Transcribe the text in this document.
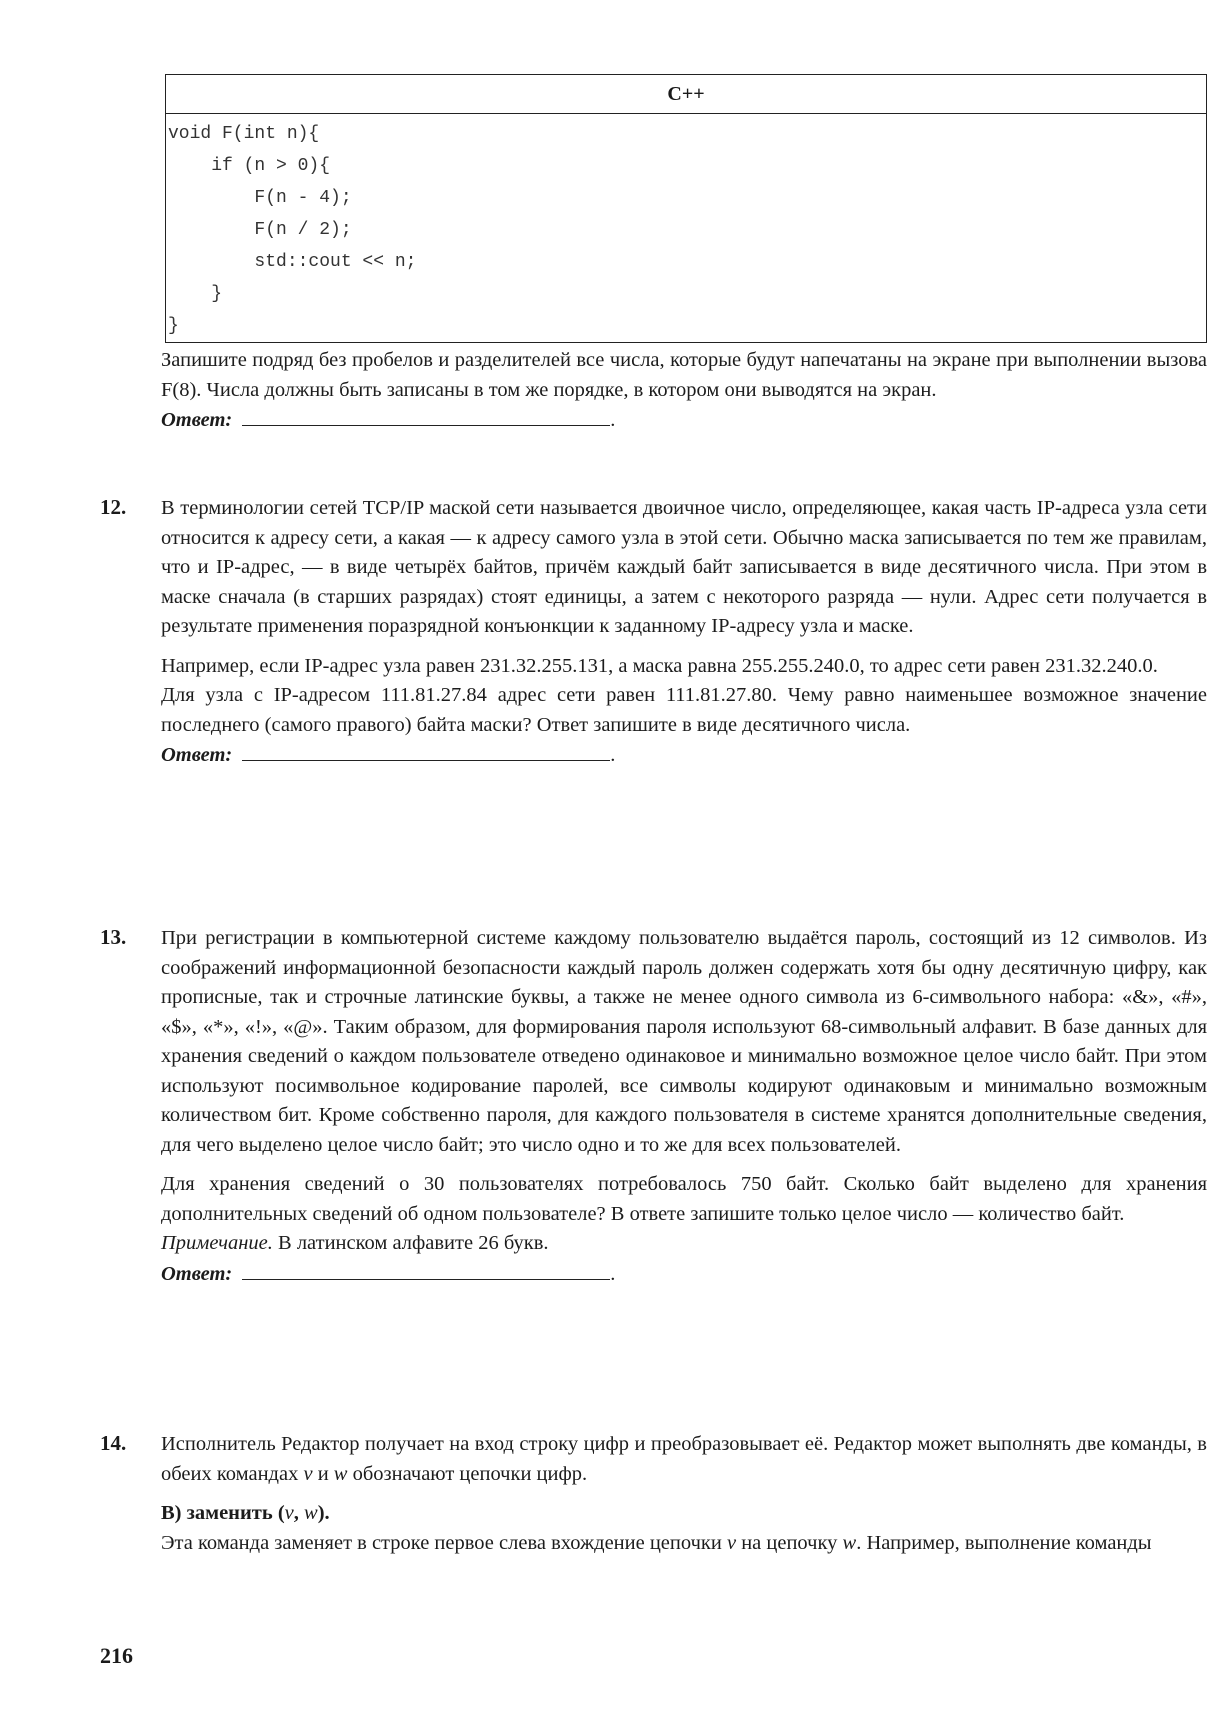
C++
void F(int n){
if (n > 0){
F(n - 4);
F(n / 2);
std::cout << n;
}
}

Запишите подряд без пробелов и разделителей все числа, которые будут напечатаны на экране при выполнении вызова F(8). Числа должны быть записаны в том же порядке, в котором они выводятся на экран.

Ответ:	.

12. В терминологии сетей TCP/IP маской сети называется двоичное число, определяющее, какая часть IP-адреса узла сети относится к адресу сети, а какая — к адресу самого узла в этой сети. Обычно маска записывается по тем же правилам, что и IP-адрес, — в виде четырёх байтов, причём каждый байт записывается в виде десятичного числа. При этом в маске сначала (в старших разрядах) стоят единицы, а затем с некоторого разряда — нули. Адрес сети получается в результате применения поразрядной конъюнкции к заданному IP-адресу узла и маске.

Например, если IP-адрес узла равен 231.32.255.131, а маска равна 255.255.240.0, то адрес сети равен 231.32.240.0.

Для узла с IP-адресом 111.81.27.84 адрес сети равен 111.81.27.80. Чему равно наименьшее возможное значение последнего (самого правого) байта маски? Ответ запишите в виде десятичного числа.

Ответ:	.

13. При регистрации в компьютерной системе каждому пользователю выдаётся пароль, состоящий из 12 символов. Из соображений информационной безопасности каждый пароль должен содержать хотя бы одну десятичную цифру, как прописные, так и строчные латинские буквы, а также не менее одного символа из 6-символьного набора: «&», «#», «$», «*», «!», «@». Таким образом, для формирования пароля используют 68-символьный алфавит. В базе данных для хранения сведений о каждом пользователе отведено одинаковое и минимально возможное целое число байт. При этом используют посимвольное кодирование паролей, все символы кодируют одинаковым и минимально возможным количеством бит. Кроме собственно пароля, для каждого пользователя в системе хранятся дополнительные сведения, для чего выделено целое число байт; это число одно и то же для всех пользователей.

Для хранения сведений о 30 пользователях потребовалось 750 байт. Сколько байт выделено для хранения дополнительных сведений об одном пользователе? В ответе запишите только целое число — количество байт.

Примечание. В латинском алфавите 26 букв.

Ответ:	.

14. Исполнитель Редактор получает на вход строку цифр и преобразовывает её. Редактор может выполнять две команды, в обеих командах v и w обозначают цепочки цифр.

В) заменить (v, w).

Эта команда заменяет в строке первое слева вхождение цепочки v на цепочку w. Например, выполнение команды

216
